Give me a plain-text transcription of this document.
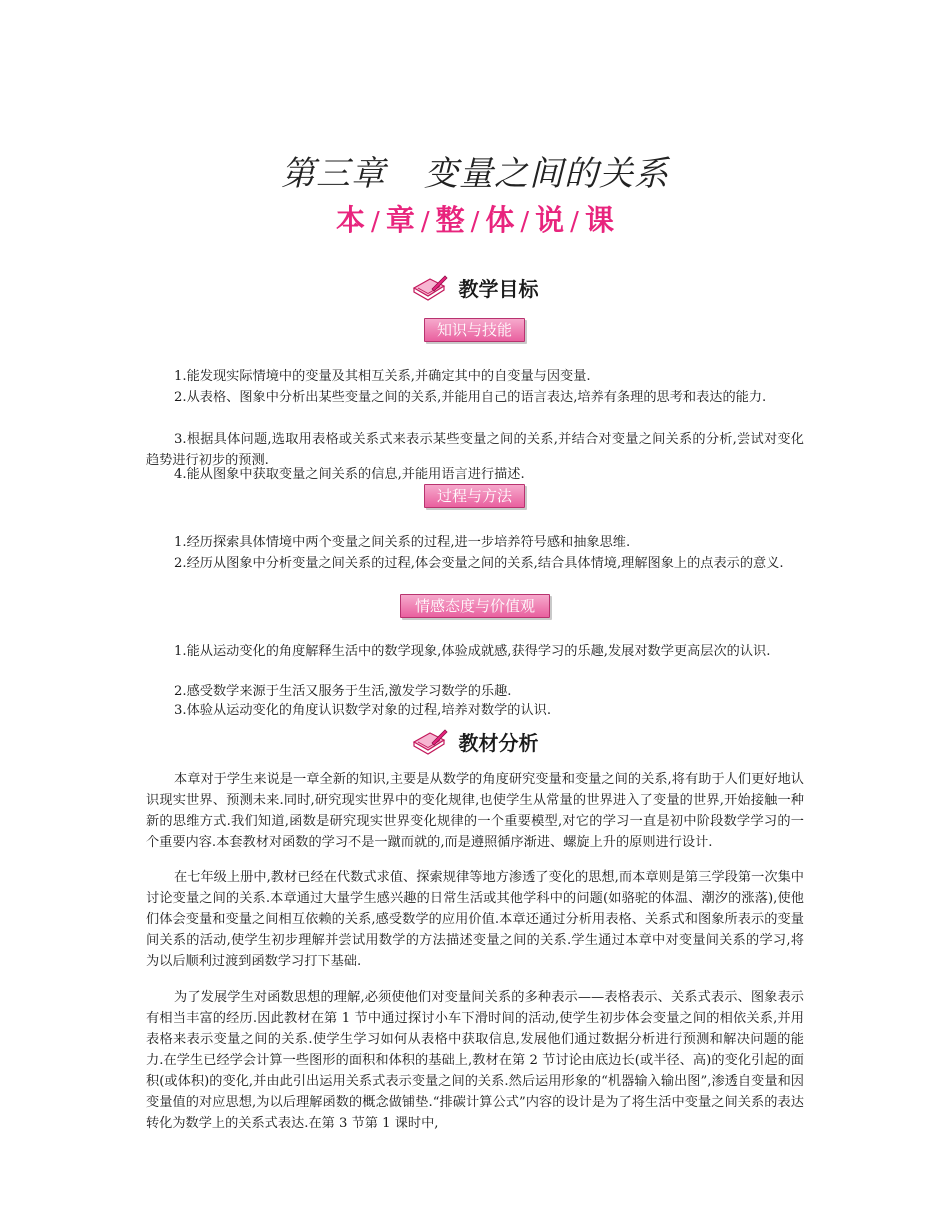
第三章 变量之间的关系
本 / 章 / 整 / 体 / 说 / 课
教学目标
知识与技能
1.能发现实际情境中的变量及其相互关系,并确定其中的自变量与因变量.
2.从表格、图象中分析出某些变量之间的关系,并能用自己的语言表达,培养有条理的思考和表达的能力.
3.根据具体问题,选取用表格或关系式来表示某些变量之间的关系,并结合对变量之间关系的分析,尝试对变化趋势进行初步的预测.
4.能从图象中获取变量之间关系的信息,并能用语言进行描述.
过程与方法
1.经历探索具体情境中两个变量之间关系的过程,进一步培养符号感和抽象思维.
2.经历从图象中分析变量之间关系的过程,体会变量之间的关系,结合具体情境,理解图象上的点表示的意义.
情感态度与价值观
1.能从运动变化的角度解释生活中的数学现象,体验成就感,获得学习的乐趣,发展对数学更高层次的认识.
2.感受数学来源于生活又服务于生活,激发学习数学的乐趣.
3.体验从运动变化的角度认识数学对象的过程,培养对数学的认识.
教材分析
本章对于学生来说是一章全新的知识,主要是从数学的角度研究变量和变量之间的关系,将有助于人们更好地认识现实世界、预测未来.同时,研究现实世界中的变化规律,也使学生从常量的世界进入了变量的世界,开始接触一种新的思维方式.我们知道,函数是研究现实世界变化规律的一个重要模型,对它的学习一直是初中阶段数学学习的一个重要内容.本套教材对函数的学习不是一蹴而就的,而是遵照循序渐进、螺旋上升的原则进行设计.
在七年级上册中,教材已经在代数式求值、探索规律等地方渗透了变化的思想,而本章则是第三学段第一次集中讨论变量之间的关系.本章通过大量学生感兴趣的日常生活或其他学科中的问题(如骆驼的体温、潮汐的涨落),使他们体会变量和变量之间相互依赖的关系,感受数学的应用价值.本章还通过分析用表格、关系式和图象所表示的变量间关系的活动,使学生初步理解并尝试用数学的方法描述变量之间的关系.学生通过本章中对变量间关系的学习,将为以后顺利过渡到函数学习打下基础.
为了发展学生对函数思想的理解,必须使他们对变量间关系的多种表示——表格表示、关系式表示、图象表示有相当丰富的经历.因此教材在第 1 节中通过探讨小车下滑时间的活动,使学生初步体会变量之间的相依关系,并用表格来表示变量之间的关系.使学生学习如何从表格中获取信息,发展他们通过数据分析进行预测和解决问题的能力.在学生已经学会计算一些图形的面积和体积的基础上,教材在第 2 节讨论由底边长(或半径、高)的变化引起的面积(或体积)的变化,并由此引出运用关系式表示变量之间的关系.然后运用形象的“机器输入输出图”,渗透自变量和因变量值的对应思想,为以后理解函数的概念做铺垫.“排碳计算公式”内容的设计是为了将生活中变量之间关系的表达转化为数学上的关系式表达.在第 3 节第 1 课时中,
